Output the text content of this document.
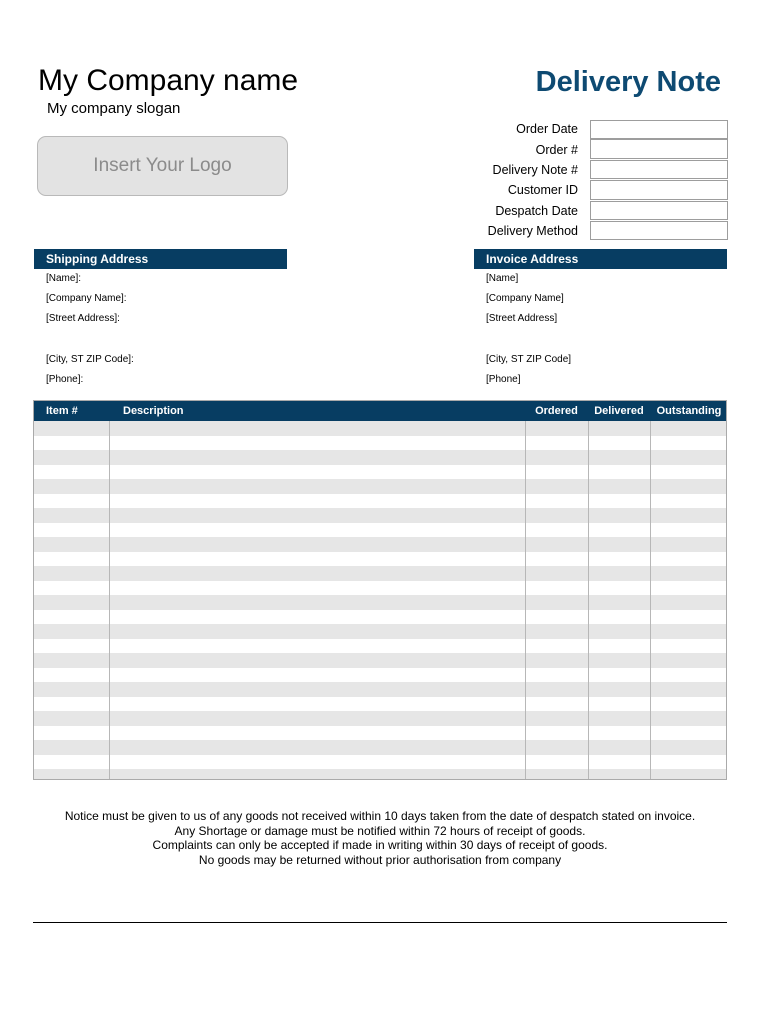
My Company name
My company slogan
Delivery Note
Insert Your Logo
Order Date
Order #
Delivery Note #
Customer ID
Despatch Date
Delivery Method
Shipping Address
[Name]:
[Company Name]:
[Street Address]:
[City, ST ZIP Code]:
[Phone]:
Invoice Address
[Name]
[Company Name]
[Street Address]
[City, ST ZIP Code]
[Phone]
Item #	Description	Ordered	Delivered	Outstanding
Notice must be given to us of any goods not received within 10 days taken from the date of despatch stated on invoice.
Any Shortage or damage must be notified within 72 hours of receipt of goods.
Complaints can only be accepted if made in writing within 30 days of receipt of goods.
No goods may be returned without prior authorisation from company
